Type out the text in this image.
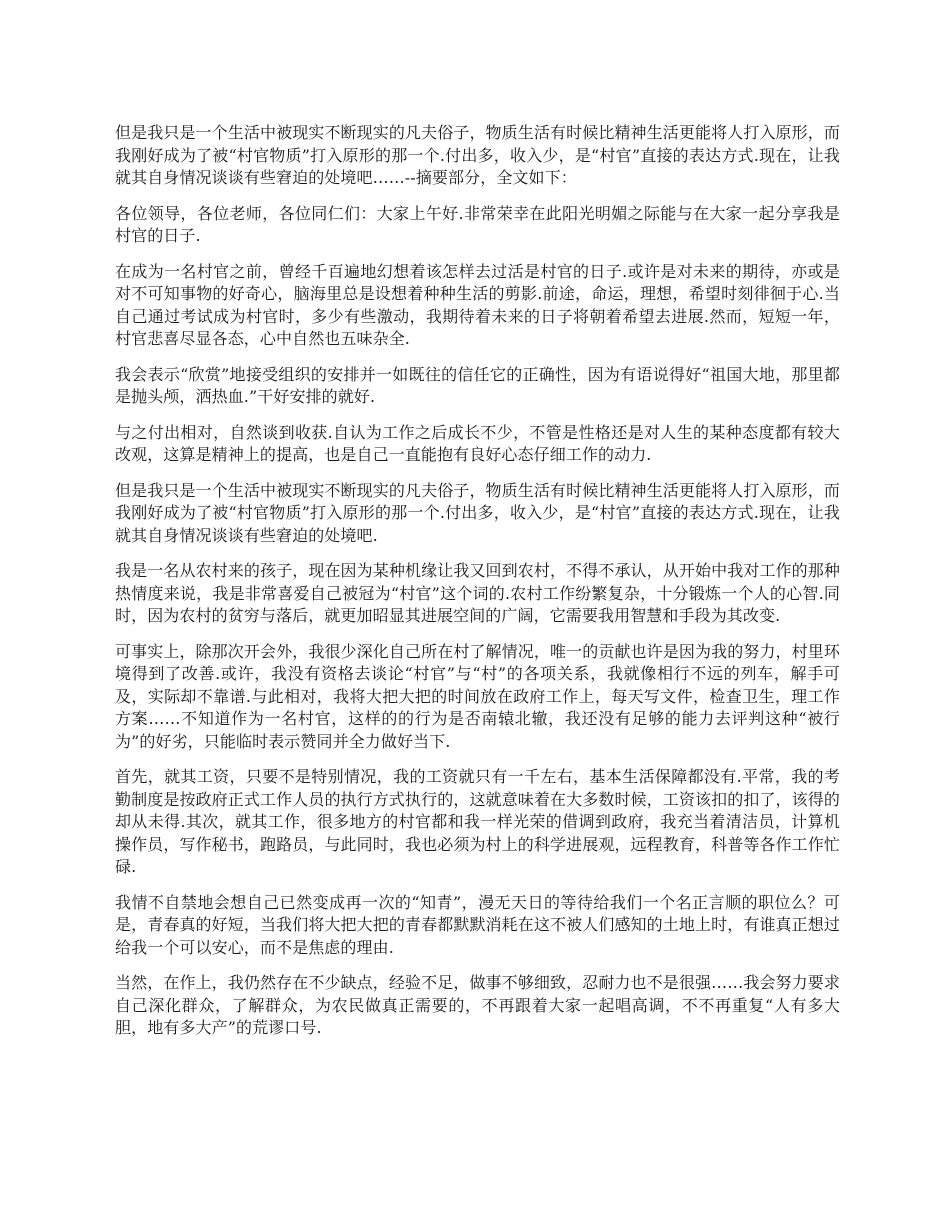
但是我只是一个生活中被现实不断现实的凡夫俗子，物质生活有时候比精神生活更能将人打入原形，而我刚好成为了被“村官物质”打入原形的那一个.付出多，收入少，是“村官”直接的表达方式.现在，让我就其自身情况谈谈有些窘迫的处境吧……--摘要部分，全文如下：

各位领导，各位老师，各位同仁们：大家上午好.非常荣幸在此阳光明媚之际能与在大家一起分享我是村官的日子.

在成为一名村官之前，曾经千百遍地幻想着该怎样去过活是村官的日子.或许是对未来的期待，亦或是对不可知事物的好奇心，脑海里总是设想着种种生活的剪影.前途，命运，理想，希望时刻徘徊于心.当自己通过考试成为村官时，多少有些激动，我期待着未来的日子将朝着希望去进展.然而，短短一年，村官悲喜尽显各态，心中自然也五味杂全.

我会表示“欣赏”地接受组织的安排并一如既往的信任它的正确性，因为有语说得好“祖国大地，那里都是抛头颅，洒热血.”干好安排的就好.

与之付出相对，自然谈到收获.自认为工作之后成长不少，不管是性格还是对人生的某种态度都有较大改观，这算是精神上的提高，也是自己一直能抱有良好心态仔细工作的动力.

但是我只是一个生活中被现实不断现实的凡夫俗子，物质生活有时候比精神生活更能将人打入原形，而我刚好成为了被“村官物质”打入原形的那一个.付出多，收入少，是“村官”直接的表达方式.现在，让我就其自身情况谈谈有些窘迫的处境吧.

我是一名从农村来的孩子，现在因为某种机缘让我又回到农村，不得不承认，从开始中我对工作的那种热情度来说，我是非常喜爱自己被冠为“村官”这个词的.农村工作纷繁复杂，十分锻炼一个人的心智.同时，因为农村的贫穷与落后，就更加昭显其进展空间的广阔，它需要我用智慧和手段为其改变.

可事实上，除那次开会外，我很少深化自己所在村了解情况，唯一的贡献也许是因为我的努力，村里环境得到了改善.或许，我没有资格去谈论“村官”与“村”的各项关系，我就像相行不远的列车，解手可及，实际却不靠谱.与此相对，我将大把大把的时间放在政府工作上，每天写文件，检查卫生，理工作方案……不知道作为一名村官，这样的的行为是否南辕北辙，我还没有足够的能力去评判这种“被行为”的好劣，只能临时表示赞同并全力做好当下.

首先，就其工资，只要不是特别情况，我的工资就只有一千左右，基本生活保障都没有.平常，我的考勤制度是按政府正式工作人员的执行方式执行的，这就意味着在大多数时候，工资该扣的扣了，该得的却从未得.其次，就其工作，很多地方的村官都和我一样光荣的借调到政府，我充当着清洁员，计算机操作员，写作秘书，跑路员，与此同时，我也必须为村上的科学进展观，远程教育，科普等各作工作忙碌.

我情不自禁地会想自己已然变成再一次的“知青”，漫无天日的等待给我们一个名正言顺的职位么？可是，青春真的好短，当我们将大把大把的青春都默默消耗在这不被人们感知的土地上时，有谁真正想过给我一个可以安心，而不是焦虑的理由.

当然，在作上，我仍然存在不少缺点，经验不足，做事不够细致，忍耐力也不是很强……我会努力要求自己深化群众，了解群众，为农民做真正需要的，不再跟着大家一起唱高调，不不再重复“人有多大胆，地有多大产”的荒谬口号.
